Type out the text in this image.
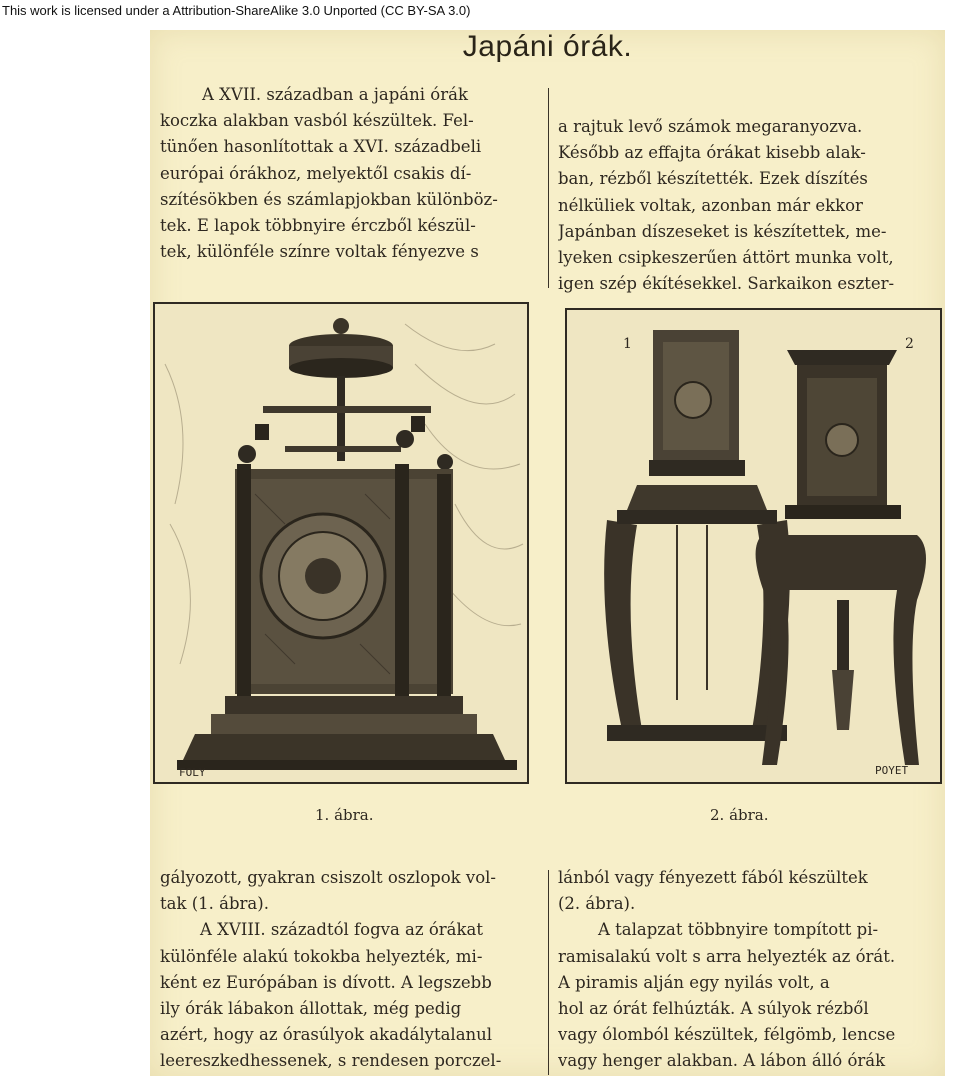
This work is licensed under a Attribution-ShareAlike 3.0 Unported (CC BY-SA 3.0)
Japáni órák.
A XVII. században a japáni órák
koczka alakban vasból készültek. Fel-
tünően hasonlítottak a XVI. századbeli
európai órákhoz, melyektől csakis dí-
szítésökben és számlapjokban különböz-
tek. E lapok többnyire érczből készül-
tek, különféle színre voltak fényezve s
a rajtuk levő számok megaranyozva.
Később az effajta órákat kisebb alak-
ban, rézből készítették. Ezek díszítés
nélküliek voltak, azonban már ekkor
Japánban díszeseket is készítettek, me-
lyeken csipkeszerűen áttört munka volt,
igen szép ékítésekkel. Sarkaikon eszter-
FOLY
1	2
POYET
1. ábra.	2. ábra.
gályozott, gyakran csiszolt oszlopok vol-
tak (1. ábra).
A XVIII. századtól fogva az órákat
különféle alakú tokokba helyezték, mi-
ként ez Európában is dívott. A legszebb
ily órák lábakon állottak, még pedig
azért, hogy az órasúlyok akadálytalanul
leereszkedhessenek, s rendesen porczel-
lánból vagy fényezett fából készültek
(2. ábra).
A talapzat többnyire tompított pi-
ramisalakú volt s arra helyezték az órát.
A piramis alján egy nyilás volt, a
hol az órát felhúzták. A súlyok rézből
vagy ólomból készültek, félgömb, lencse
vagy henger alakban. A lábon álló órák
